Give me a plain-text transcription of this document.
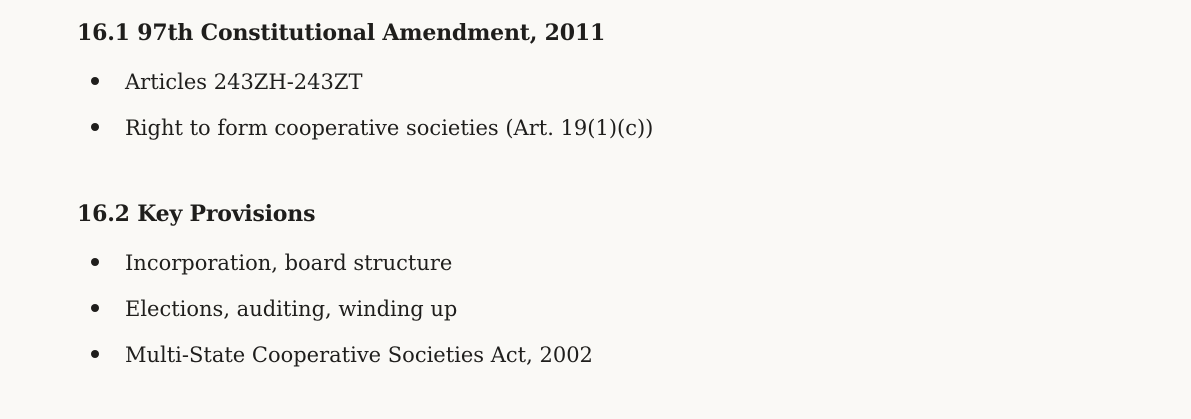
16.1 97th Constitutional Amendment, 2011
Articles 243ZH-243ZT
Right to form cooperative societies (Art. 19(1)(c))
16.2 Key Provisions
Incorporation, board structure
Elections, auditing, winding up
Multi-State Cooperative Societies Act, 2002
